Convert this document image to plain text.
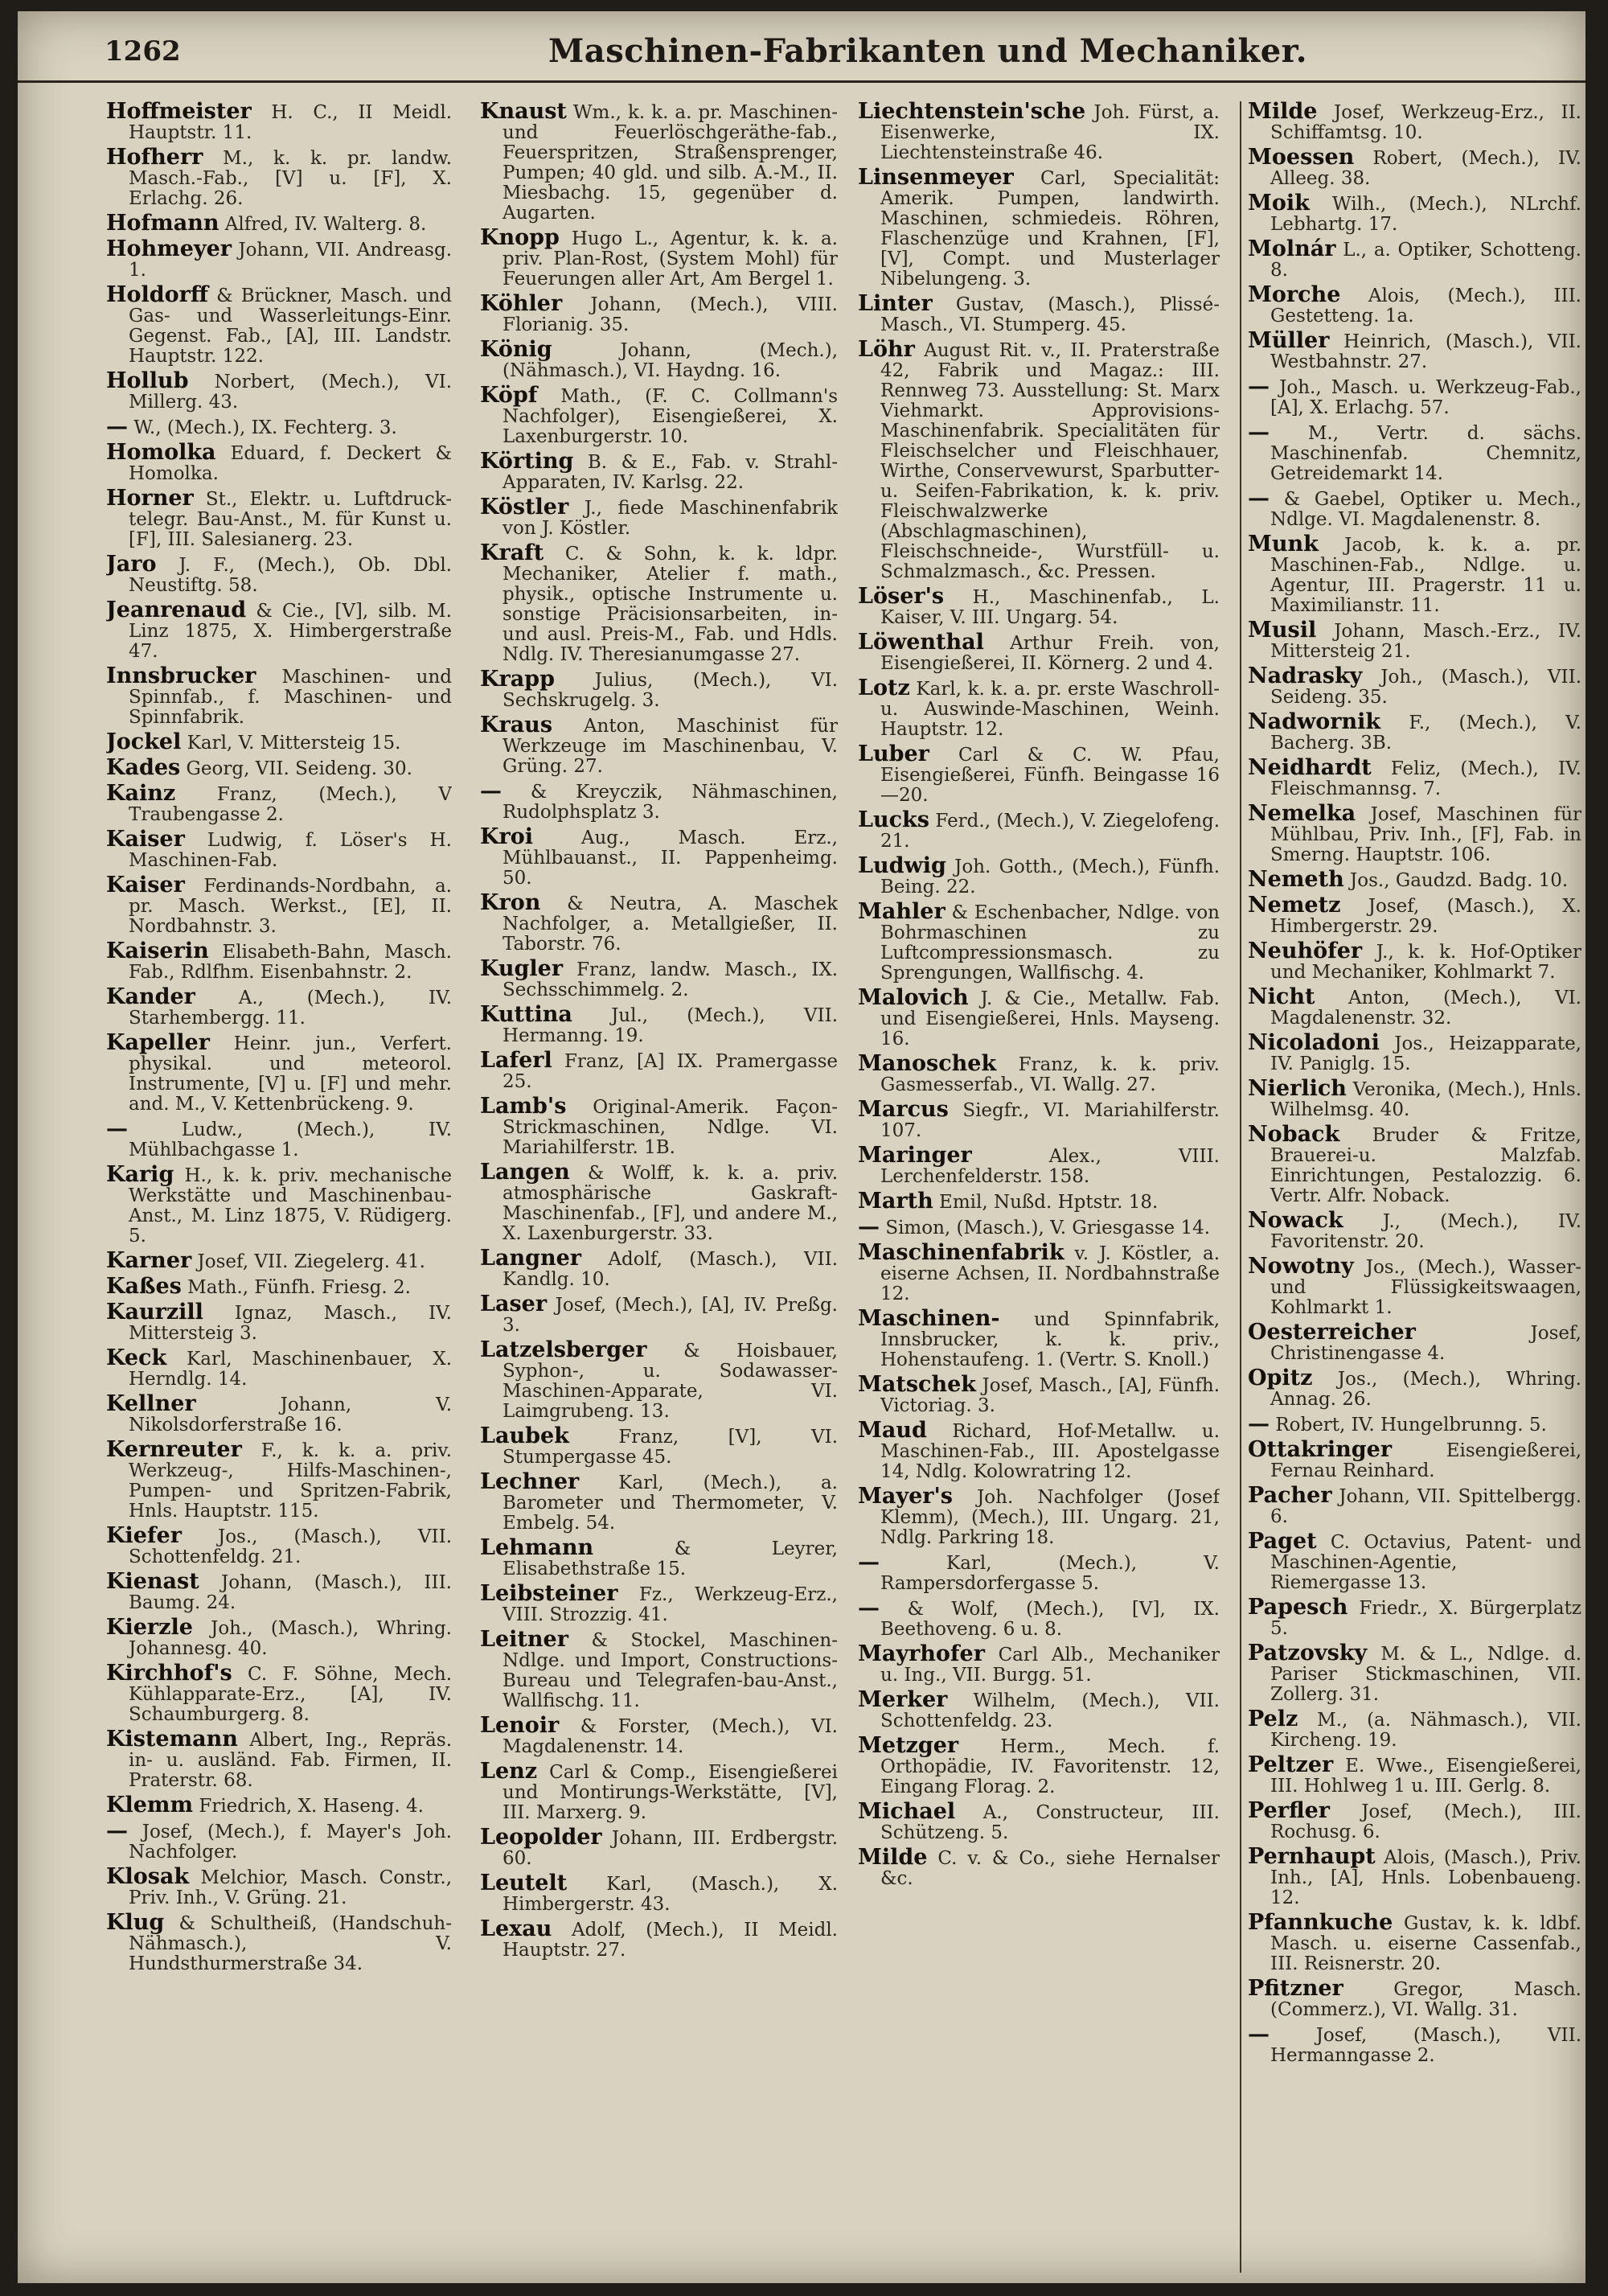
1262	Maschinen-Fabrikanten und Mechaniker.

Hoffmeister H. C., II Meidl. Hauptstr. 11.

Hofherr M., k. k. pr. landw. Masch.-Fab., [V] u. [F], X. Erlachg. 26.

Hofmann Alfred, IV. Walterg. 8.

Hohmeyer Johann, VII. Andreasg. 1.

Holdorff & Brückner, Masch. und Gas- und Wasserleitungs-Einr. Gegenst. Fab., [A], III. Landstr. Hauptstr. 122.

Hollub Norbert, (Mech.), VI. Millerg. 43.

— W., (Mech.), IX. Fechterg. 3.

Homolka Eduard, f. Deckert & Homolka.

Horner St., Elektr. u. Luftdruck-telegr. Bau-Anst., M. für Kunst u. [F], III. Salesianerg. 23.

Jaro J. F., (Mech.), Ob. Dbl. Neustiftg. 58.

Jeanrenaud & Cie., [V], silb. M. Linz 1875, X. Himbergerstraße 47.

Innsbrucker Maschinen- und Spinnfab., f. Maschinen- und Spinnfabrik.

Jockel Karl, V. Mittersteig 15.

Kades Georg, VII. Seideng. 30.

Kainz Franz, (Mech.), V Traubengasse 2.

Kaiser Ludwig, f. Löser's H. Maschinen-Fab.

Kaiser Ferdinands-Nordbahn, a. pr. Masch. Werkst., [E], II. Nordbahnstr. 3.

Kaiserin Elisabeth-Bahn, Masch. Fab., Rdlfhm. Eisenbahnstr. 2.

Kander A., (Mech.), IV. Starhembergg. 11.

Kapeller Heinr. jun., Verfert. physikal. und meteorol. Instrumente, [V] u. [F] und mehr. and. M., V. Kettenbrückeng. 9.

—	Ludw., (Mech.), IV. Mühlbachgasse 1.

Karig H., k. k. priv. mechanische Werkstätte und Maschinenbau-Anst., M. Linz 1875, V. Rüdigerg. 5.

Karner Josef, VII. Ziegelerg. 41.

Kaßes Math., Fünfh. Friesg. 2.

Kaurzill Ignaz, Masch., IV. Mittersteig 3.

Keck Karl, Maschinenbauer, X. Herndlg. 14.

Kellner	Johann, V. Nikolsdorferstraße 16.

Kernreuter F., k. k. a. priv. Werkzeug-, Hilfs-Maschinen-, Pumpen- und Spritzen-Fabrik, Hnls. Hauptstr. 115.

Kiefer Jos., (Masch.), VII. Schottenfeldg. 21.

Kienast Johann, (Masch.), III. Baumg. 24.

Kierzle Joh., (Masch.), Whring. Johannesg. 40.

Kirchhof's C. F. Söhne, Mech. Kühlapparate-Erz., [A], IV. Schaumburgerg. 8.

Kistemann Albert, Ing., Repräs. in- u. ausländ. Fab. Firmen, II. Praterstr. 68.

Klemm Friedrich, X. Haseng. 4.

— Josef, (Mech.), f. Mayer's Joh. Nachfolger.

Klosak Melchior, Masch. Constr., Priv. Inh., V. Grüng. 21.

Klug & Schultheiß, (Handschuh-Nähmasch.), V. Hundsthurmerstraße 34.

Knaust Wm., k. k. a. pr. Maschinen- und Feuerlöschgeräthe-fab., Feuerspritzen, Straßensprenger, Pumpen; 40 gld. und silb. A.-M., II. Miesbachg. 15, gegenüber d. Augarten.

Knopp Hugo L., Agentur, k. k. a. priv. Plan-Rost, (System Mohl) für Feuerungen aller Art, Am Bergel 1.

Köhler Johann, (Mech.), VIII. Florianig. 35.

König	Johann, (Mech.), (Nähmasch.), VI. Haydng. 16.

Köpf Math., (F. C. Collmann's Nachfolger), Eisengießerei, X. Laxenburgerstr. 10.

Körting B. & E., Fab. v. Strahl-Apparaten, IV. Karlsg. 22.

Köstler J., fiede Maschinenfabrik von J. Köstler.

Kraft C. & Sohn, k. k. ldpr. Mechaniker, Atelier f. math., physik., optische Instrumente u. sonstige Präcisionsarbeiten, in- und ausl. Preis-M., Fab. und Hdls. Ndlg. IV. Theresianumgasse 27.

Krapp Julius, (Mech.), VI. Sechskrugelg. 3.

Kraus Anton, Maschinist für Werkzeuge im Maschinenbau, V. Grüng. 27.

— & Kreyczik, Nähmaschinen, Rudolphsplatz 3.

Kroi	Aug., Masch. Erz., Mühlbauanst., II. Pappenheimg. 50.

Kron & Neutra, A. Maschek Nachfolger, a. Metallgießer, II. Taborstr. 76.

Kugler Franz, landw. Masch., IX. Sechsschimmelg. 2.

Kuttina Jul., (Mech.), VII. Hermanng. 19.

Laferl Franz, [A] IX. Pramergasse 25.

Lamb's Original-Amerik. Façon-Strickmaschinen, Ndlge. VI. Mariahilferstr. 1B.

Langen & Wolff, k. k. a. priv. atmosphärische Gaskraft-Maschinenfab., [F], und andere M., X. Laxenburgerstr. 33.

Langner Adolf, (Masch.), VII. Kandlg. 10.

Laser Josef, (Mech.), [A], IV. Preßg. 3.

Latzelsberger & Hoisbauer, Syphon-, u. Sodawasser-Maschinen-Apparate, VI. Laimgrubeng. 13.

Laubek	Franz, [V], VI. Stumpergasse 45.

Lechner Karl, (Mech.), a. Barometer und Thermometer, V. Embelg. 54.

Lehmann	& Leyrer, Elisabethstraße 15.

Leibsteiner Fz., Werkzeug-Erz., VIII. Strozzig. 41.

Leitner & Stockel, Maschinen-Ndlge. und Import, Constructions-Bureau und Telegrafen-bau-Anst., Wallfischg. 11.

Lenoir & Forster, (Mech.), VI. Magdalenenstr. 14.

Lenz Carl & Comp., Eisengießerei und Montirungs-Werkstätte, [V], III. Marxerg. 9.

Leopolder Johann, III. Erdbergstr. 60.

Leutelt Karl, (Masch.), X. Himbergerstr. 43.

Lexau Adolf, (Mech.), II Meidl. Hauptstr. 27.

Liechtenstein'sche Joh. Fürst, a. Eisenwerke, IX. Liechtensteinstraße 46.

Linsenmeyer Carl, Specialität: Amerik. Pumpen, landwirth. Maschinen, schmiedeis. Röhren, Flaschenzüge und Krahnen, [F], [V], Compt. und Musterlager Nibelungeng. 3.

Linter Gustav, (Masch.), Plissé-Masch., VI. Stumperg. 45.

Löhr August Rit. v., II. Praterstraße 42, Fabrik und Magaz.: III. Rennweg 73. Ausstellung: St. Marx Viehmarkt. Approvisions-Maschinenfabrik. Specialitäten für Fleischselcher und Fleischhauer, Wirthe, Conservewurst, Sparbutter- u. Seifen-Fabrikation, k. k. priv. Fleischwalzwerke (Abschlagmaschinen), Fleischschneide-, Wurstfüll- u. Schmalzmasch., &c. Pressen.

Löser's H., Maschinenfab., L. Kaiser, V. III. Ungarg. 54.

Löwenthal Arthur Freih. von, Eisengießerei, II. Körnerg. 2 und 4.

Lotz Karl, k. k. a. pr. erste Waschroll- u. Auswinde-Maschinen, Weinh. Hauptstr. 12.

Luber Carl & C. W. Pfau, Eisengießerei, Fünfh. Beingasse 16—20.

Lucks Ferd., (Mech.), V. Ziegelofeng. 21.

Ludwig Joh. Gotth., (Mech.), Fünfh. Being. 22.

Mahler & Eschenbacher, Ndlge. von Bohrmaschinen zu Luftcompressionsmasch. zu Sprengungen, Wallfischg. 4.

Malovich J. & Cie., Metallw. Fab. und Eisengießerei, Hnls. Mayseng. 16.

Manoschek Franz, k. k. priv. Gasmesserfab., VI. Wallg. 27.

Marcus Siegfr., VI. Mariahilferstr. 107.

Maringer	Alex., VIII. Lerchenfelderstr. 158.

Marth Emil, Nußd. Hptstr. 18.

— Simon, (Masch.), V. Griesgasse 14.

Maschinenfabrik v. J. Köstler, a. eiserne Achsen, II. Nordbahnstraße 12.

Maschinen- und Spinnfabrik, Innsbrucker, k. k. priv., Hohenstaufeng. 1. (Vertr. S. Knoll.)

Matschek Josef, Masch., [A], Fünfh. Victoriag. 3.

Maud Richard, Hof-Metallw. u. Maschinen-Fab., III. Apostelgasse 14, Ndlg. Kolowratring 12.

Mayer's Joh. Nachfolger (Josef Klemm), (Mech.), III. Ungarg. 21, Ndlg. Parkring 18.

—	Karl, (Mech.), V. Rampersdorfergasse 5.

— & Wolf, (Mech.), [V], IX. Beethoveng. 6 u. 8.

Mayrhofer Carl Alb., Mechaniker u. Ing., VII. Burgg. 51.

Merker Wilhelm, (Mech.), VII. Schottenfeldg. 23.

Metzger Herm., Mech. f. Orthopädie, IV. Favoritenstr. 12, Eingang Florag. 2.

Michael A., Constructeur, III. Schützeng. 5.

Milde C. v. & Co., siehe Hernalser &c.

Milde Josef, Werkzeug-Erz., II. Schiffamtsg. 10.

Moessen Robert, (Mech.), IV. Alleeg. 38.

Moik Wilh., (Mech.), NLrchf. Lebhartg. 17.

Molnár L., a. Optiker, Schotteng. 8.

Morche Alois, (Mech.), III. Gestetteng. 1a.

Müller Heinrich, (Masch.), VII. Westbahnstr. 27.

— Joh., Masch. u. Werkzeug-Fab., [A], X. Erlachg. 57.

— M., Vertr. d. sächs. Maschinenfab. Chemnitz, Getreidemarkt 14.

— & Gaebel, Optiker u. Mech., Ndlge. VI. Magdalenenstr. 8.

Munk Jacob, k. k. a. pr. Maschinen-Fab., Ndlge. u. Agentur, III. Pragerstr. 11 u. Maximilianstr. 11.

Musil Johann, Masch.-Erz., IV. Mittersteig 21.

Nadrasky Joh., (Masch.), VII. Seideng. 35.

Nadwornik F., (Mech.), V. Bacherg. 3B.

Neidhardt Feliz, (Mech.), IV. Fleischmannsg. 7.

Nemelka Josef, Maschinen für Mühlbau, Priv. Inh., [F], Fab. in Smerng. Hauptstr. 106.

Nemeth Jos., Gaudzd. Badg. 10.

Nemetz Josef, (Masch.), X. Himbergerstr. 29.

Neuhöfer J., k. k. Hof-Optiker und Mechaniker, Kohlmarkt 7.

Nicht Anton, (Mech.), VI. Magdalenenstr. 32.

Nicoladoni Jos., Heizapparate, IV. Paniglg. 15.

Nierlich Veronika, (Mech.), Hnls. Wilhelmsg. 40.

Noback Bruder & Fritze, Brauerei-u. Malzfab. Einrichtungen, Pestalozzig. 6. Vertr. Alfr. Noback.

Nowack J., (Mech.), IV. Favoritenstr. 20.

Nowotny Jos., (Mech.), Wasser- und Flüssigkeitswaagen, Kohlmarkt 1.

Oesterreicher	Josef, Christinengasse 4.

Opitz Jos., (Mech.), Whring. Annag. 26.

— Robert, IV. Hungelbrunng. 5.

Ottakringer	Eisengießerei, Fernau Reinhard.

Pacher Johann, VII. Spittelbergg. 6.

Paget C. Octavius, Patent- und Maschinen-Agentie, Riemergasse 13.

Papesch Friedr., X. Bürgerplatz 5.

Patzovsky M. & L., Ndlge. d. Pariser Stickmaschinen, VII. Zollerg. 31.

Pelz M., (a. Nähmasch.), VII. Kircheng. 19.

Peltzer E. Wwe., Eisengießerei, III. Hohlweg 1 u. III. Gerlg. 8.

Perfler Josef, (Mech.), III. Rochusg. 6.

Pernhaupt Alois, (Masch.), Priv. Inh., [A], Hnls. Lobenbaueng. 12.

Pfannkuche Gustav, k. k. ldbf. Masch. u. eiserne Cassenfab., III. Reisnerstr. 20.

Pfitzner	Gregor, Masch. (Commerz.), VI. Wallg. 31.

—	Josef, (Masch.), VII. Hermanngasse 2.
